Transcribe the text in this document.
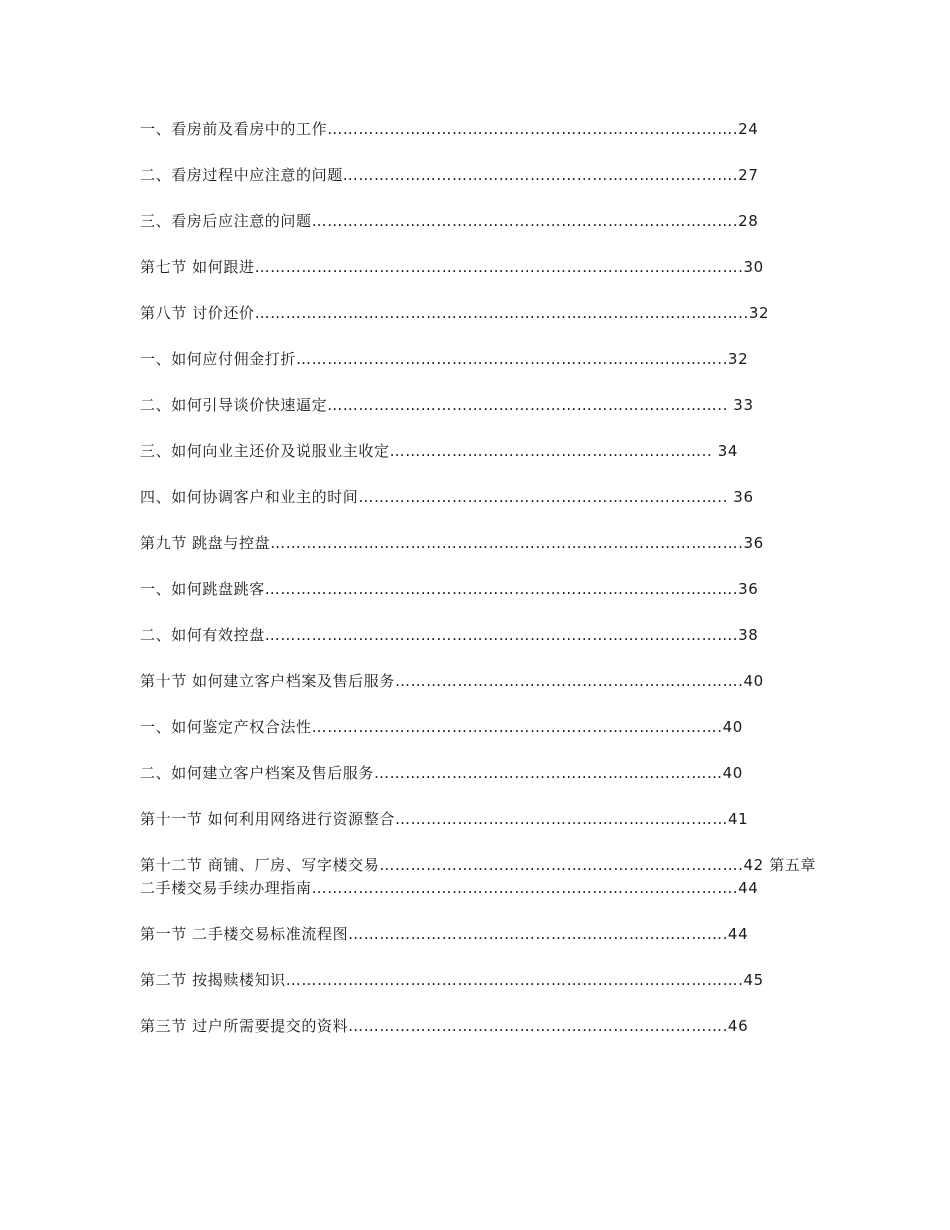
一、看房前及看房中的工作…………………………………………………………………….24
二、看房过程中应注意的问题………………………………………………………………….27
三、看房后应注意的问题……………………………………………………………………….28
第七节 如何跟进………………………………………………………………………………….30
第八节 讨价还价…………………………………………………………………………………..32
一、如何应付佣金打折………………………………………………………………………..32
二、如何引导谈价快速逼定………………………………………………………………….. 33
三、如何向业主还价及说服业主收定…………………………………………………….. 34
四、如何协调客户和业主的时间…………………………………………………………….. 36
第九节 跳盘与控盘……………………………………………………………………………….36
一、如何跳盘跳客……………………………………………………………………………….36
二、如何有效控盘……………………………………………………………………………….38
第十节 如何建立客户档案及售后服务………………………………………………………….40
一、如何鉴定产权合法性…………………………………………………………………….40
二、如何建立客户档案及售后服务…………………………………………………….……40
第十一节 如何利用网络进行资源整合………………………………………………….……41
第十二节 商铺、厂房、写字楼交易…………………………………………………………….42 第五章 二手楼交易手续办理指南……………………………………………………………………….44
第一节 二手楼交易标准流程图……………………………………………………………….44
第二节 按揭赎楼知识…………………………………………………………………………….45
第三节 过户所需要提交的资料……………………………………………………………….46
